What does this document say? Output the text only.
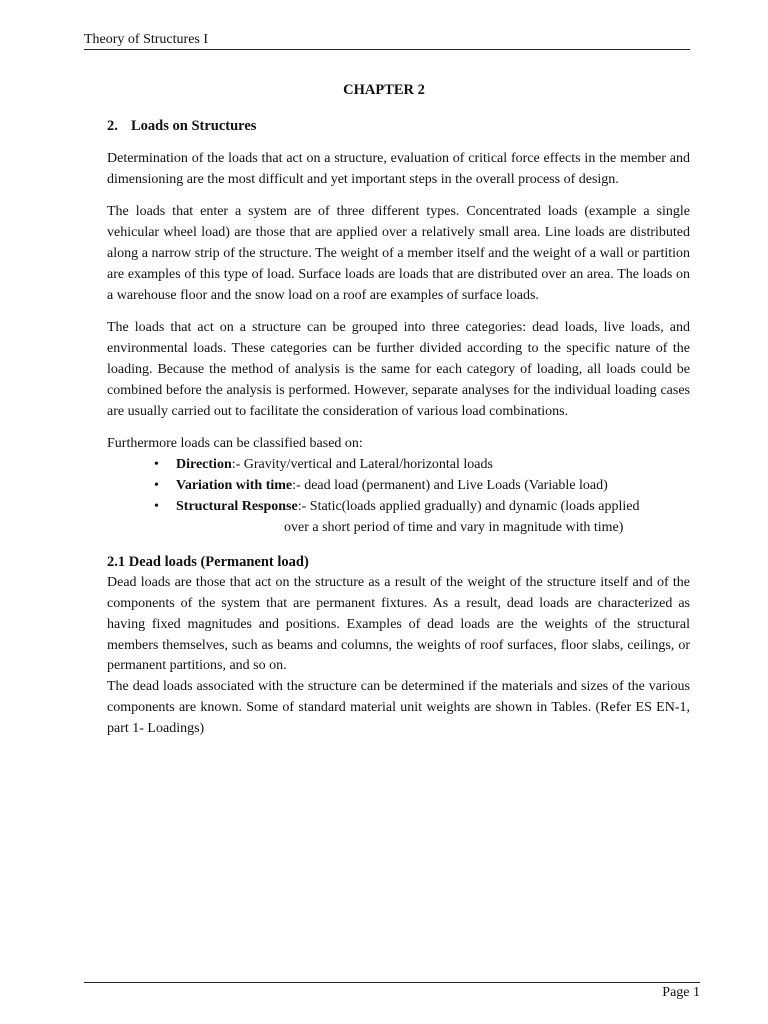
Theory of Structures I
CHAPTER 2
2. Loads on Structures

Determination of the loads that act on a structure, evaluation of critical force effects in the member and dimensioning are the most difficult and yet important steps in the overall process of design.

The loads that enter a system are of three different types. Concentrated loads (example a single vehicular wheel load) are those that are applied over a relatively small area. Line loads are distributed along a narrow strip of the structure. The weight of a member itself and the weight of a wall or partition are examples of this type of load. Surface loads are loads that are distributed over an area. The loads on a warehouse floor and the snow load on a roof are examples of surface loads.

The loads that act on a structure can be grouped into three categories: dead loads, live loads, and environmental loads. These categories can be further divided according to the specific nature of the loading. Because the method of analysis is the same for each category of loading, all loads could be combined before the analysis is performed. However, separate analyses for the individual loading cases are usually carried out to facilitate the consideration of various load combinations.

Furthermore loads can be classified based on:
• Direction:- Gravity/vertical and Lateral/horizontal loads
• Variation with time:- dead load (permanent) and Live Loads (Variable load)
• Structural Response:- Static(loads applied gradually) and dynamic (loads applied
over a short period of time and vary in magnitude with time)
2.1 Dead loads (Permanent load)

Dead loads are those that act on the structure as a result of the weight of the structure itself and of the components of the system that are permanent fixtures. As a result, dead loads are characterized as having fixed magnitudes and positions. Examples of dead loads are the weights of the structural members themselves, such as beams and columns, the weights of roof surfaces, floor slabs, ceilings, or permanent partitions, and so on.

The dead loads associated with the structure can be determined if the materials and sizes of the various components are known. Some of standard material unit weights are shown in Tables. (Refer ES EN-1, part 1- Loadings)

Page 1
